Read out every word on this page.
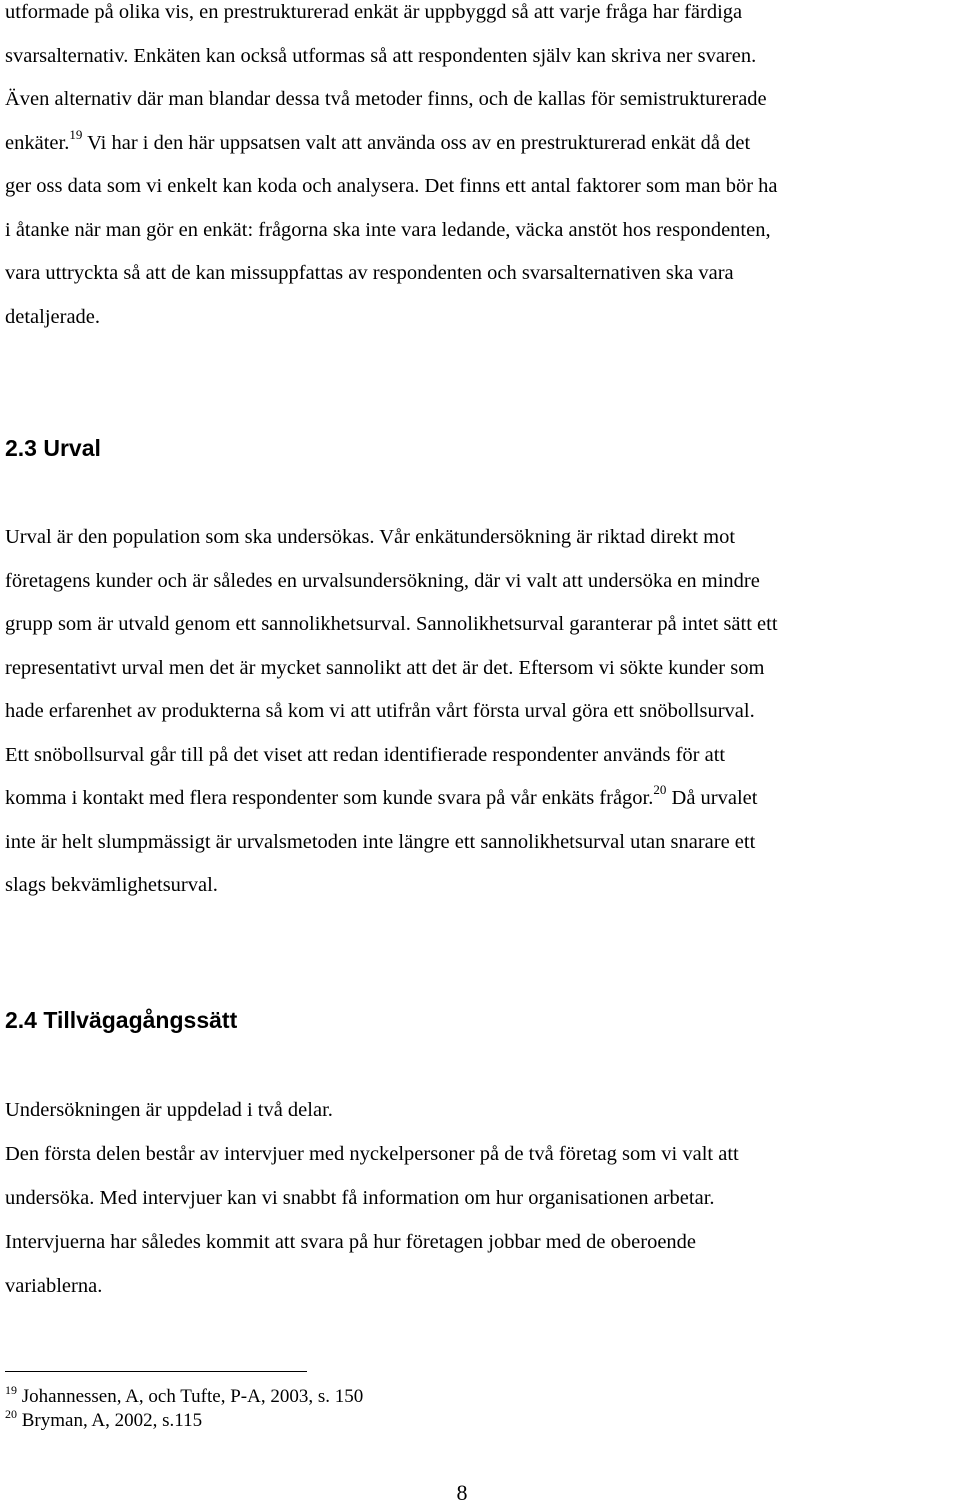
utformade på olika vis, en prestrukturerad enkät är uppbyggd så att varje fråga har färdiga
svarsalternativ. Enkäten kan också utformas så att respondenten själv kan skriva ner svaren.
Även alternativ där man blandar dessa två metoder finns, och de kallas för semistrukturerade
enkäter.$^{19}$ Vi har i den här uppsatsen valt att använda oss av en prestrukturerad enkät då det
ger oss data som vi enkelt kan koda och analysera. Det finns ett antal faktorer som man bör ha
i åtanke när man gör en enkät: frågorna ska inte vara ledande, väcka anstöt hos respondenten,
vara uttryckta så att de kan missuppfattas av respondenten och svarsalternativen ska vara
detaljerade.

2.3 Urval

Urval är den population som ska undersökas. Vår enkätundersökning är riktad direkt mot
företagens kunder och är således en urvalsundersökning, där vi valt att undersöka en mindre
grupp som är utvald genom ett sannolikhetsurval. Sannolikhetsurval garanterar på intet sätt ett
representativt urval men det är mycket sannolikt att det är det. Eftersom vi sökte kunder som
hade erfarenhet av produkterna så kom vi att utifrån vårt första urval göra ett snöbollsurval.
Ett snöbollsurval går till på det viset att redan identifierade respondenter används för att
komma i kontakt med flera respondenter som kunde svara på vår enkäts frågor.$^{20}$ Då urvalet
inte är helt slumpmässigt är urvalsmetoden inte längre ett sannolikhetsurval utan snarare ett
slags bekvämlighetsurval.

2.4 Tillvägagångssätt

Undersökningen är uppdelad i två delar.
Den första delen består av intervjuer med nyckelpersoner på de två företag som vi valt att
undersöka. Med intervjuer kan vi snabbt få information om hur organisationen arbetar.
Intervjuerna har således kommit att svara på hur företagen jobbar med de oberoende
variablerna.

$^{19}$ Johannessen, A, och Tufte, P-A, 2003, s. 150

$^{20}$ Bryman, A, 2002, s.115

8
